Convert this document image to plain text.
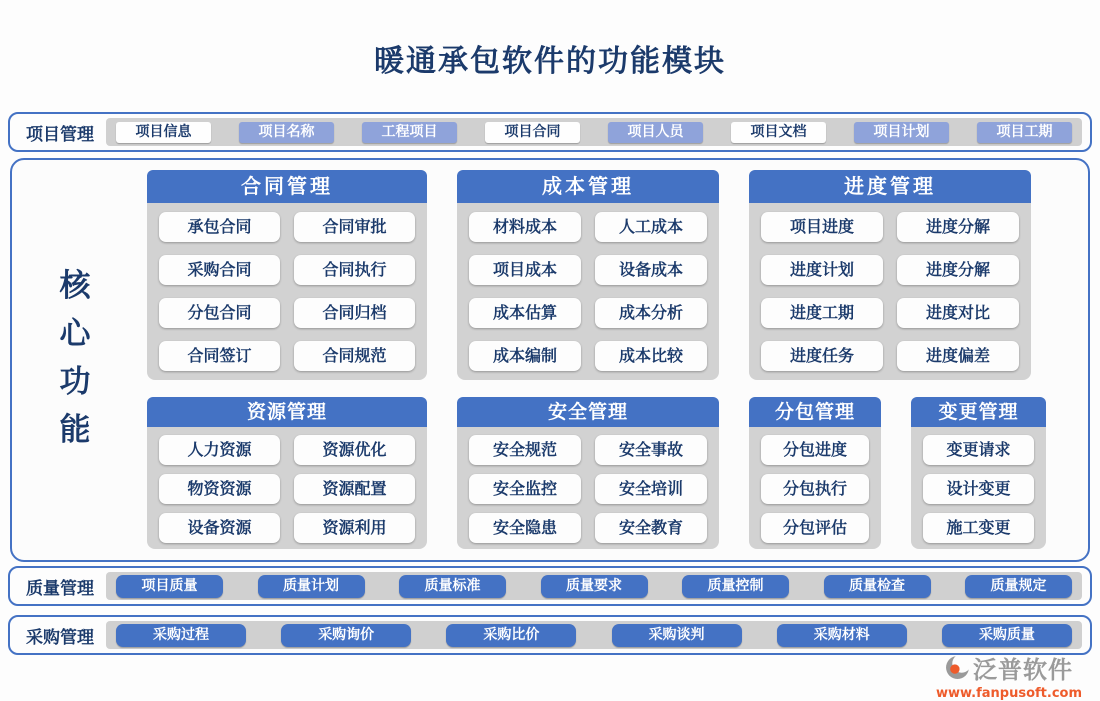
暖通承包软件的功能模块
项目管理	项目信息	项目名称	工程项目	项目合同	项目人员	项目文档	项目计划	项目工期
核心功能
合同管理
承包合同	合同审批
采购合同	合同执行
分包合同	合同归档
合同签订	合同规范
成本管理
材料成本	人工成本
项目成本	设备成本
成本估算	成本分析
成本编制	成本比较
进度管理
项目进度	进度分解
进度计划	进度分解
进度工期	进度对比
进度任务	进度偏差
资源管理
人力资源	资源优化
物资资源	资源配置
设备资源	资源利用
安全管理
安全规范	安全事故
安全监控	安全培训
安全隐患	安全教育
分包管理
分包进度
分包执行
分包评估
变更管理
变更请求
设计变更
施工变更
质量管理	项目质量	质量计划	质量标准	质量要求	质量控制	质量检查	质量规定
采购管理	采购过程	采购询价	采购比价	采购谈判	采购材料	采购质量
泛普软件
www.fanpusoft.com
